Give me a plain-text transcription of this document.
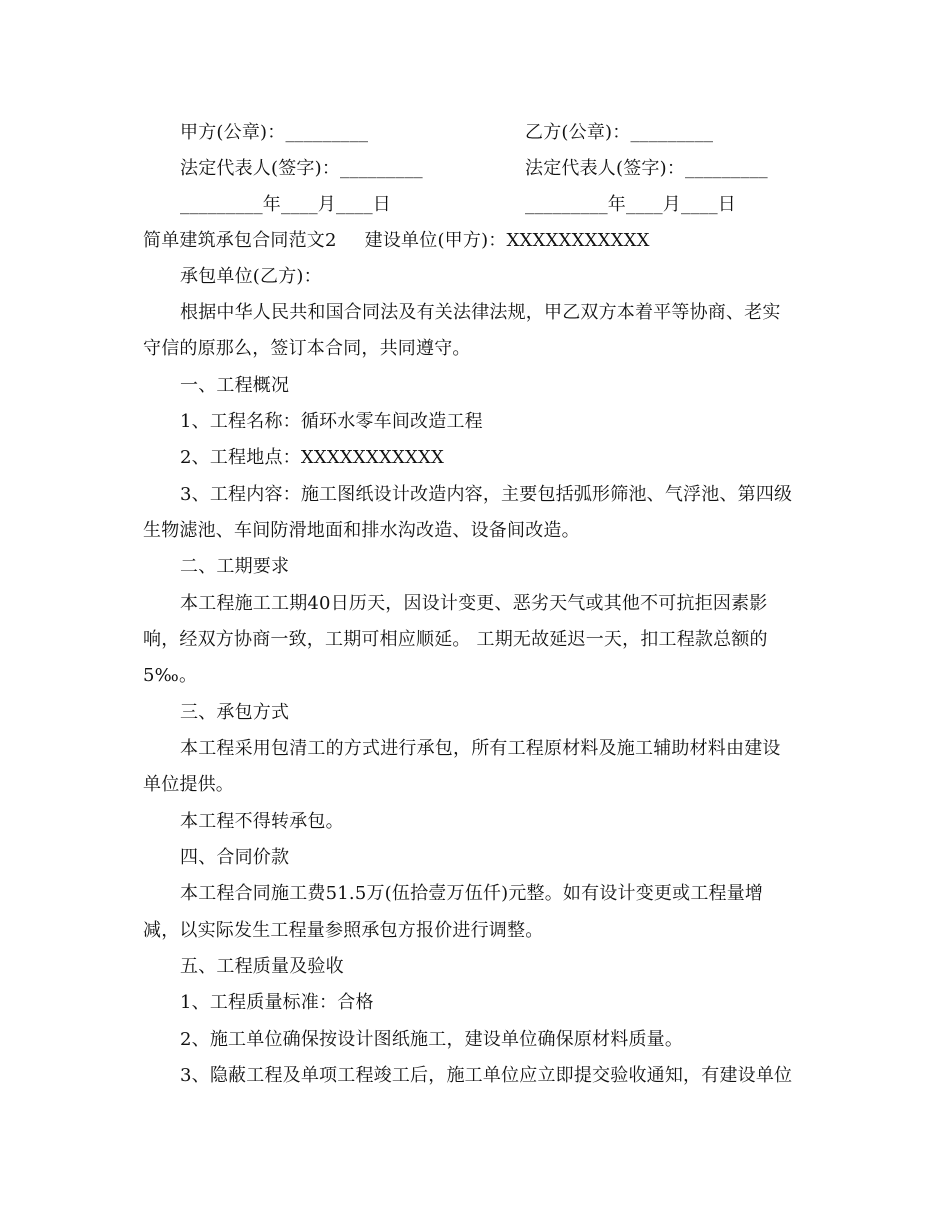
甲方(公章)：_________	乙方(公章)：_________
法定代表人(签字)：_________	法定代表人(签字)：_________
_________年____月____日	_________年____月____日
简单建筑承包合同范文2 建设单位(甲方)：XXXXXXXXXXX
承包单位(乙方)：
根据中华人民共和国合同法及有关法律法规，甲乙双方本着平等协商、老实
守信的原那么，签订本合同，共同遵守。
一、工程概况
1、工程名称：循环水零车间改造工程
2、工程地点：XXXXXXXXXXX
3、工程内容：施工图纸设计改造内容，主要包括弧形筛池、气浮池、第四级
生物滤池、车间防滑地面和排水沟改造、设备间改造。
二、工期要求
本工程施工工期40日历天，因设计变更、恶劣天气或其他不可抗拒因素影
响，经双方协商一致，工期可相应顺延。 工期无故延迟一天，扣工程款总额的
5‰。
三、承包方式
本工程采用包清工的方式进行承包，所有工程原材料及施工辅助材料由建设
单位提供。
本工程不得转承包。
四、合同价款
本工程合同施工费51.5万(伍拾壹万伍仟)元整。如有设计变更或工程量增
减，以实际发生工程量参照承包方报价进行调整。
五、工程质量及验收
1、工程质量标准：合格
2、施工单位确保按设计图纸施工，建设单位确保原材料质量。
3、隐蔽工程及单项工程竣工后，施工单位应立即提交验收通知，有建设单位
